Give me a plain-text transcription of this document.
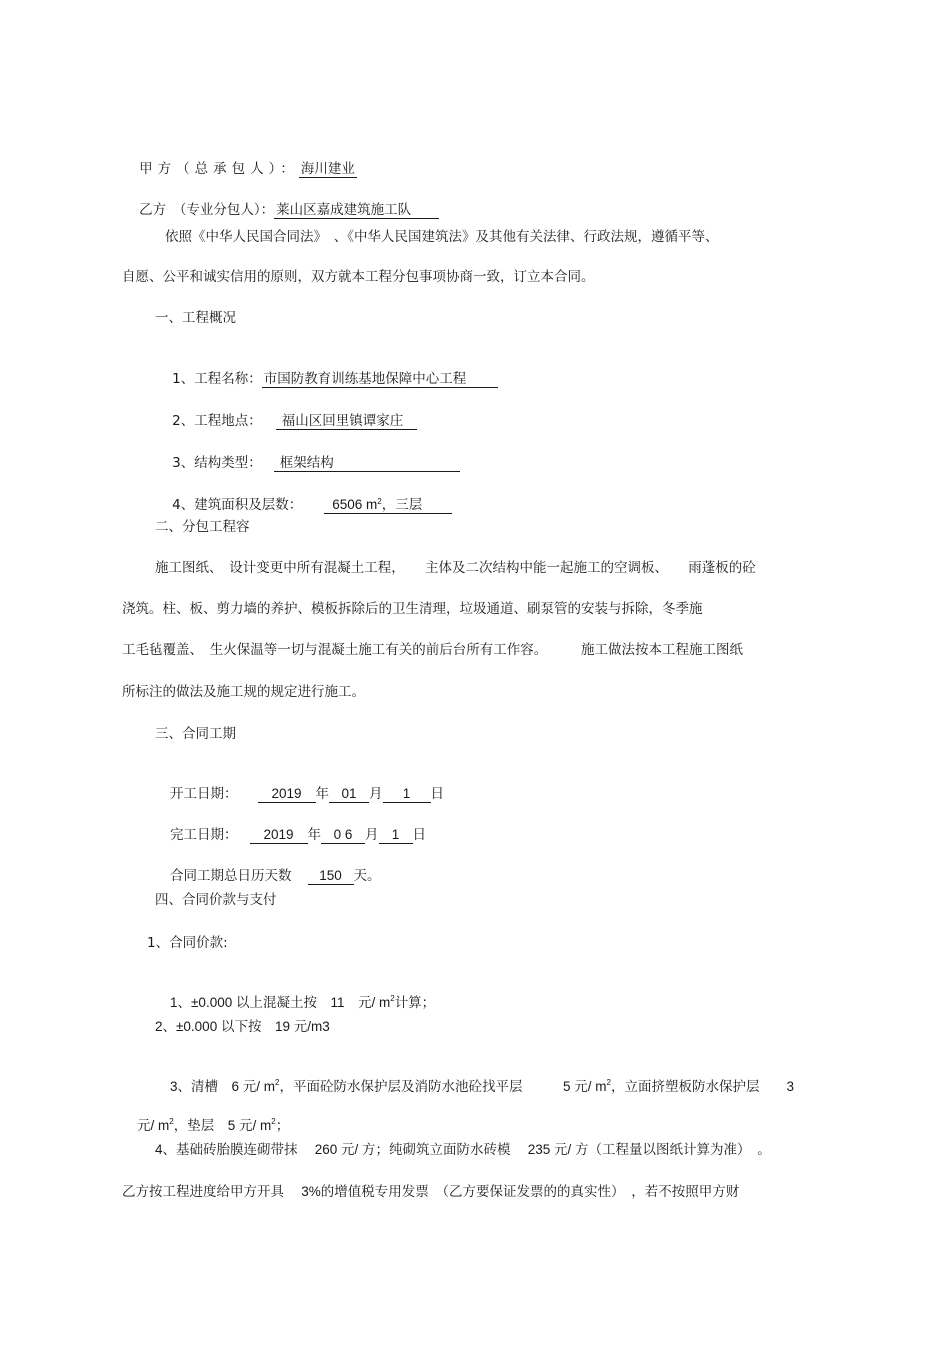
甲方（总承包人）： 海川建业

乙方　（专业分包人）： 莱山区嘉成建筑施工队

依照《中华人民国合同法》　、《中华人民国建筑法》及其他有关法律、行政法规，遵循平等、
自愿、公平和诚实信用的原则，双方就本工程分包事项协商一致，订立本合同。
一、工程概况

1、工程名称： 市国防教育训练基地保障中心工程

2、工程地点： 福山区回里镇谭家庄

3、结构类型： 框架结构

4、建筑面积及层数： 6506 $m^2$，三层

二、分包工程容
施工图纸、　设计变更中所有混凝土工程，　　主体及二次结构中能一起施工的空调板、　　雨蓬板的砼
浇筑。柱、板、剪力墙的养护、模板拆除后的卫生清理，垃圾通道、刷泵管的安装与拆除，冬季施
工毛毡覆盖、　生火保温等一切与混凝土施工有关的前后台所有工作容。　　　施工做法按本工程施工图纸
所标注的做法及施工规的规定进行施工。
三、合同工期

开工日期：	2019 年 01 月 1 日

完工日期： 2019 年 0 6 月 1 日

合同工期总日历天数 150 天。

四、合同价款与支付
1、合同价款:

1、±0.000 以上混凝土按　11　元/ $m^2$计算；

2、±0.000 以下按　19 元/m3

3、清槽　6 元/ $m^2$，平面砼防水保护层及消防水池砼找平层　　　5 元/ $m^2$，立面挤塑板防水保护层　　3

元/ $m^2$，垫层　5 元/ $m^2$；

4、基础砖胎膜连砌带抹　 260 元/ 方；纯砌筑立面防水砖模　 235 元/ 方（工程量以图纸计算为准）　。
乙方按工程进度给甲方开具　 3%的增值税专用发票　（乙方要保证发票的的真实性）　，若不按照甲方财
